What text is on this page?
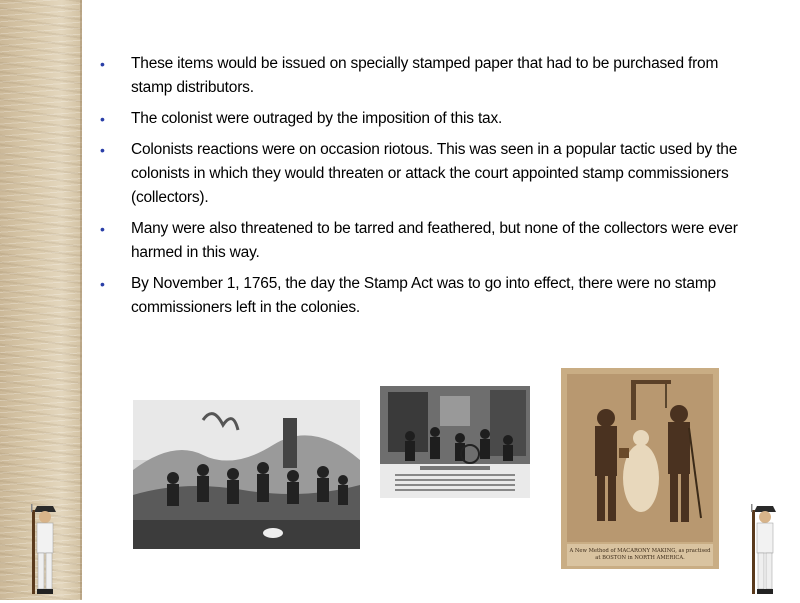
• These items would be issued on specially stamped paper that had to be purchased from stamp distributors.
• The colonist were outraged by the imposition of this tax.
• Colonists reactions were on occasion riotous. This was seen in a popular tactic used by the colonists in which they would threaten or attack the court appointed stamp commissioners (collectors).
• Many were also threatened to be tarred and feathered, but none of the collectors were ever harmed in this way.
• By November 1, 1765, the day the Stamp Act was to go into effect, there were no stamp commissioners left in the colonies.
A New Method of MACARONY MAKING, as practised
at BOSTON in NORTH AMERICA.
